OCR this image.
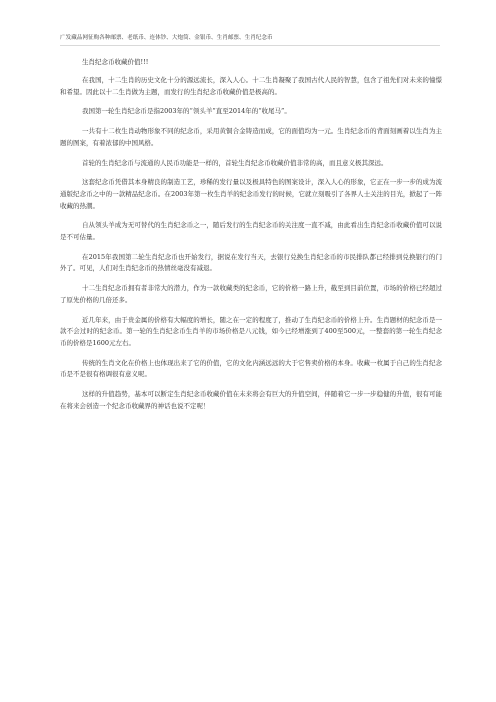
广发藏品网征购各种邮票、老纸币、连体钞、大炮筒、金银币、生肖邮票、生肖纪念币

生肖纪念币收藏价值!!!

在我国，十二生肖的历史文化十分的源远流长，深入人心。十二生肖凝聚了我国古代人民的智慧，包含了祖先们对未来的憧憬和希望。因此以十二生肖做为主题，而发行的生肖纪念币收藏价值是极高的。

我国第一轮生肖纪念币是指2003年的“领头羊”直至2014年的“收尾马”。

一共有十二枚生肖动物形象不同的纪念币，采用黄铜合金铸造而成，它的面值均为一元。生肖纪念币的背面刻画着以生肖为主题的图案，有着浓郁的中国风格。

首轮的生肖纪念币与流通的人民币功能是一样的，首轮生肖纪念币收藏价值非常的高，而且意义极其深远。

这套纪念币凭借其本身精良的制造工艺，珍稀的发行量以及极具特色的图案设计，深入人心的形象，它正在一步一步的成为流通版纪念币之中的一款精品纪念币。在2003年第一枚生肖羊的纪念币发行的时候，它就立刻吸引了各界人士关注的目光，掀起了一阵收藏的热潮。

自从领头羊成为无可替代的生肖纪念币之一，随后发行的生肖纪念币的关注度一直不减，由此看出生肖纪念币收藏价值可以说是不可估量。

在2015年我国第二轮生肖纪念币也开始发行，据说在发行当天，去银行兑换生肖纪念币的市民排队都已经排到兑换银行的门外了。可见，人们对生肖纪念币的热情丝毫没有减退。

十二生肖纪念币拥有者非常大的潜力，作为一款收藏类的纪念币，它的价格一路上升，截至到目前位置，市场的价格已经超过了原先价格的几倍还多。

近几年来，由于贵金属的价格有大幅度的增长，随之在一定的程度了，推动了生肖纪念币的价格上升。生肖题材的纪念币是一款不会过时的纪念币。第一轮的生肖纪念币生肖羊的市场价格是八元钱，如今已经增涨到了400至500元，一整套的第一轮生肖纪念币的价格是1600元左右。

传统的生肖文化在价格上也体现出来了它的价值，它的文化内涵远远的大于它售卖价格的本身。收藏一枚属于自己的生肖纪念币是不是很有格调很有意义呢。

这样的升值趋势，基本可以断定生肖纪念币收藏价值在未来将会有巨大的升值空间，伴随着它一步一步稳健的升值，很有可能在将来会创造一个纪念币收藏界的神话也说不定呢！
